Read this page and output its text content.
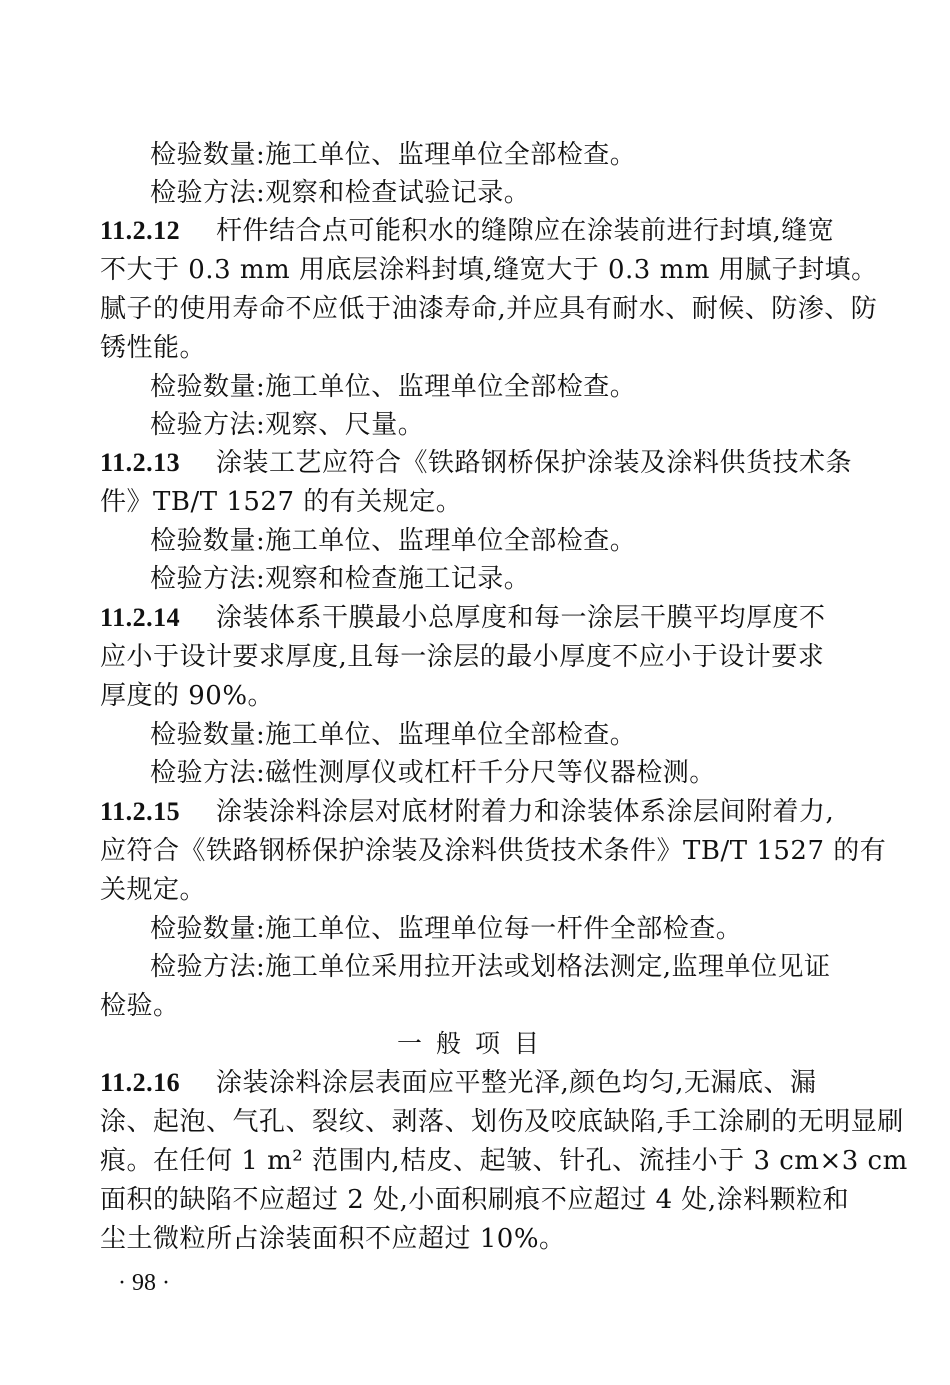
检验数量:施工单位、监理单位全部检查。
检验方法:观察和检查试验记录。
11.2.12 杆件结合点可能积水的缝隙应在涂装前进行封填,缝宽
不大于 0.3 mm 用底层涂料封填,缝宽大于 0.3 mm 用腻子封填。
腻子的使用寿命不应低于油漆寿命,并应具有耐水、耐候、防渗、防
锈性能。
检验数量:施工单位、监理单位全部检查。
检验方法:观察、尺量。
11.2.13 涂装工艺应符合《铁路钢桥保护涂装及涂料供货技术条
件》TB/T 1527 的有关规定。
检验数量:施工单位、监理单位全部检查。
检验方法:观察和检查施工记录。
11.2.14 涂装体系干膜最小总厚度和每一涂层干膜平均厚度不
应小于设计要求厚度,且每一涂层的最小厚度不应小于设计要求
厚度的 90%。
检验数量:施工单位、监理单位全部检查。
检验方法:磁性测厚仪或杠杆千分尺等仪器检测。
11.2.15 涂装涂料涂层对底材附着力和涂装体系涂层间附着力,
应符合《铁路钢桥保护涂装及涂料供货技术条件》TB/T 1527 的有
关规定。
检验数量:施工单位、监理单位每一杆件全部检查。
检验方法:施工单位采用拉开法或划格法测定,监理单位见证
检验。
一般项目
11.2.16 涂装涂料涂层表面应平整光泽,颜色均匀,无漏底、漏
涂、起泡、气孔、裂纹、剥落、划伤及咬底缺陷,手工涂刷的无明显刷
痕。在任何 1 m² 范围内,桔皮、起皱、针孔、流挂小于 3 cm×3 cm
面积的缺陷不应超过 2 处,小面积刷痕不应超过 4 处,涂料颗粒和
尘土微粒所占涂装面积不应超过 10%。
· 98 ·
